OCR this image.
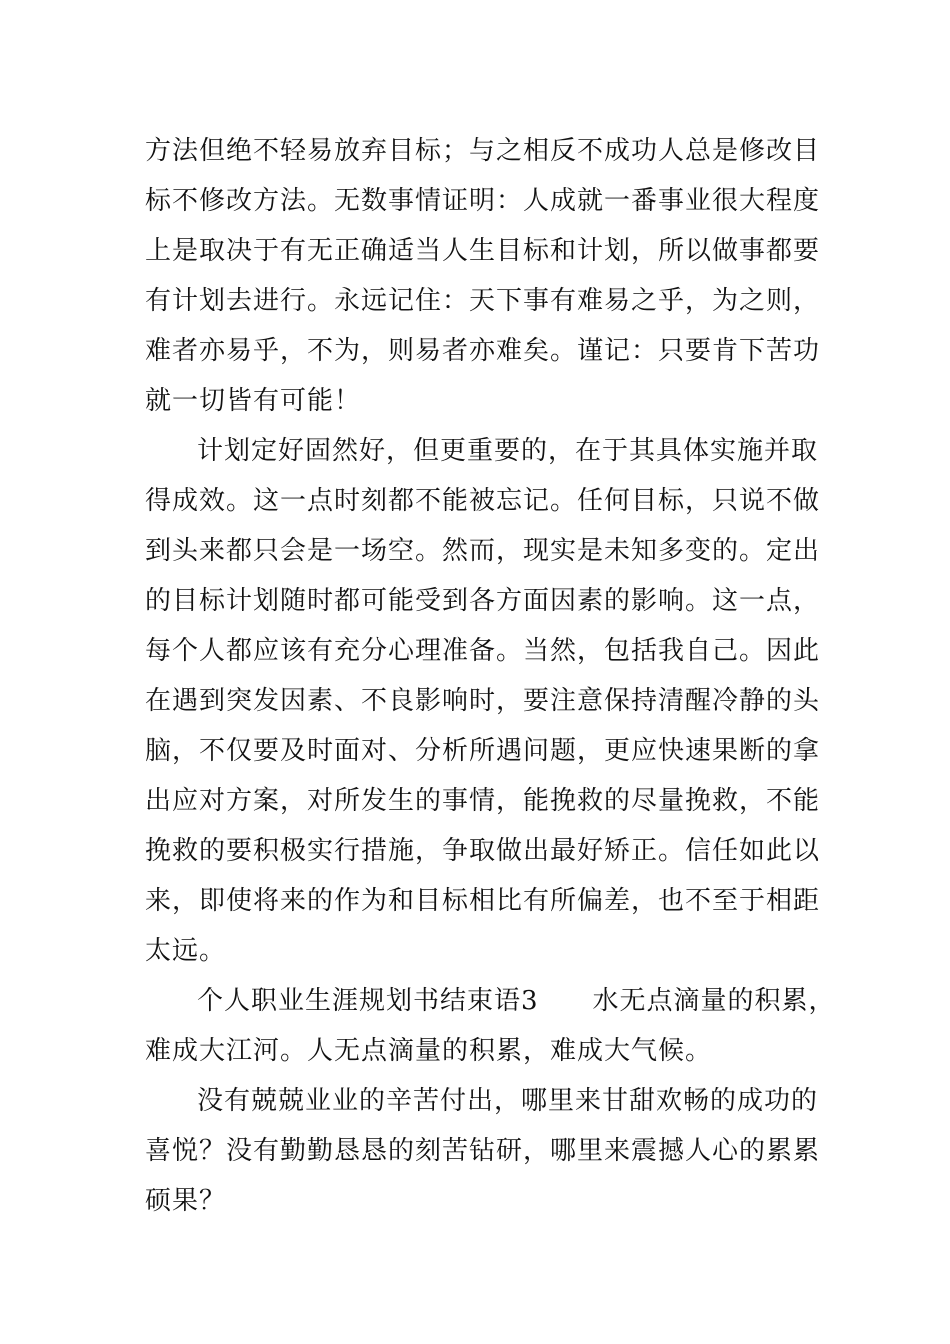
方法但绝不轻易放弃目标；与之相反不成功人总是修改目
标不修改方法。无数事情证明：人成就一番事业很大程度
上是取决于有无正确适当人生目标和计划，所以做事都要
有计划去进行。永远记住：天下事有难易之乎，为之则，
难者亦易乎，不为，则易者亦难矣。谨记：只要肯下苦功
就一切皆有可能！
计划定好固然好，但更重要的，在于其具体实施并取
得成效。这一点时刻都不能被忘记。任何目标，只说不做
到头来都只会是一场空。然而，现实是未知多变的。定出
的目标计划随时都可能受到各方面因素的影响。这一点，
每个人都应该有充分心理准备。当然，包括我自己。因此
在遇到突发因素、不良影响时，要注意保持清醒冷静的头
脑，不仅要及时面对、分析所遇问题，更应快速果断的拿
出应对方案，对所发生的事情，能挽救的尽量挽救，不能
挽救的要积极实行措施，争取做出最好矫正。信任如此以
来，即使将来的作为和目标相比有所偏差，也不至于相距
太远。
个人职业生涯规划书结束语3　　水无点滴量的积累，
难成大江河。人无点滴量的积累，难成大气候。
没有兢兢业业的辛苦付出，哪里来甘甜欢畅的成功的
喜悦？没有勤勤恳恳的刻苦钻研，哪里来震撼人心的累累
硕果？
